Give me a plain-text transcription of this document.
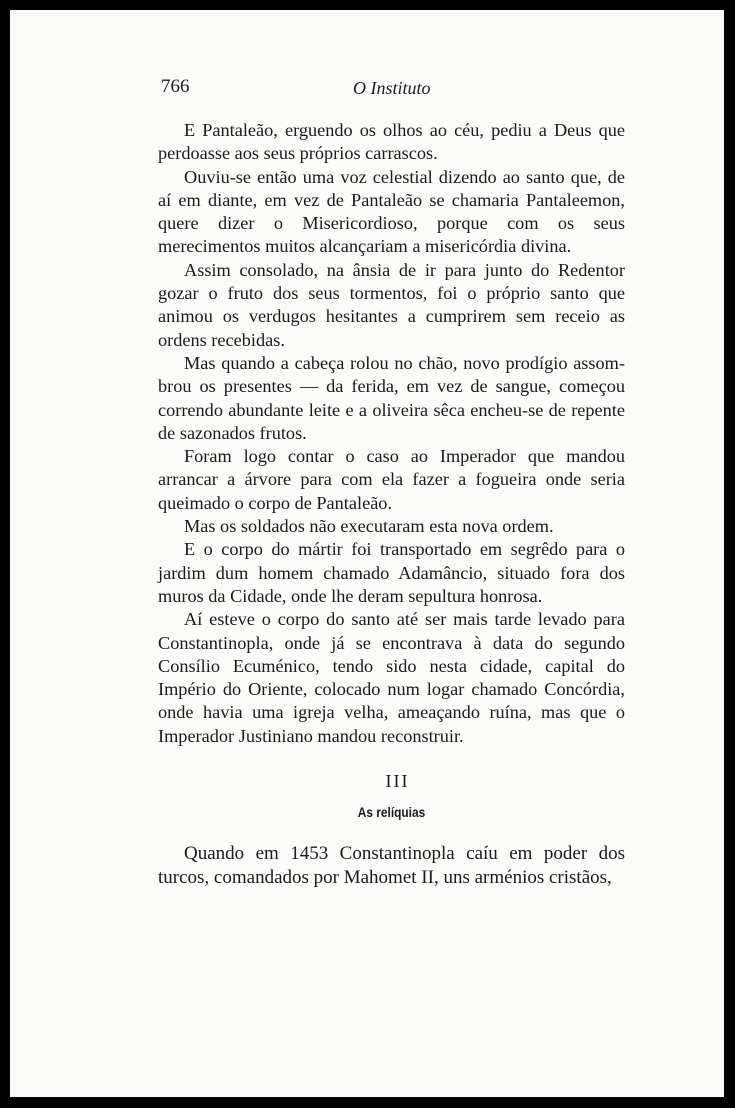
766	O Instituto

E Pantaleão, erguendo os olhos ao céu, pediu a Deus que perdoasse aos seus próprios carrascos.

Ouviu-se então uma voz celestial dizendo ao santo que, de aí em diante, em vez de Pantaleão se chamaria Pantaleemon, quere dizer o Misericordioso, porque com os seus merecimentos muitos alcançariam a misericórdia divina.

Assim consolado, na ânsia de ir para junto do Redentor gozar o fruto dos seus tormentos, foi o próprio santo que animou os verdugos hesitantes a cumprirem sem receio as ordens recebidas.

Mas quando a cabeça rolou no chão, novo prodígio assombrou os presentes — da ferida, em vez de sangue, começou correndo abundante leite e a oliveira sêca encheu-se de repente de sazonados frutos.

Foram logo contar o caso ao Imperador que mandou arrancar a árvore para com ela fazer a fogueira onde seria queimado o corpo de Pantaleão.

Mas os soldados não executaram esta nova ordem.

E o corpo do mártir foi transportado em segrêdo para o jardim dum homem chamado Adamâncio, situado fora dos muros da Cidade, onde lhe deram sepultura honrosa.

Aí esteve o corpo do santo até ser mais tarde levado para Constantinopla, onde já se encontrava à data do segundo Consílio Ecuménico, tendo sido nesta cidade, capital do Império do Oriente, colocado num logar chamado Concórdia, onde havia uma igreja velha, ameaçando ruína, mas que o Imperador Justiniano mandou reconstruir.

III
As relíquias

Quando em 1453 Constantinopla caíu em poder dos turcos, comandados por Mahomet II, uns arménios cristãos,
